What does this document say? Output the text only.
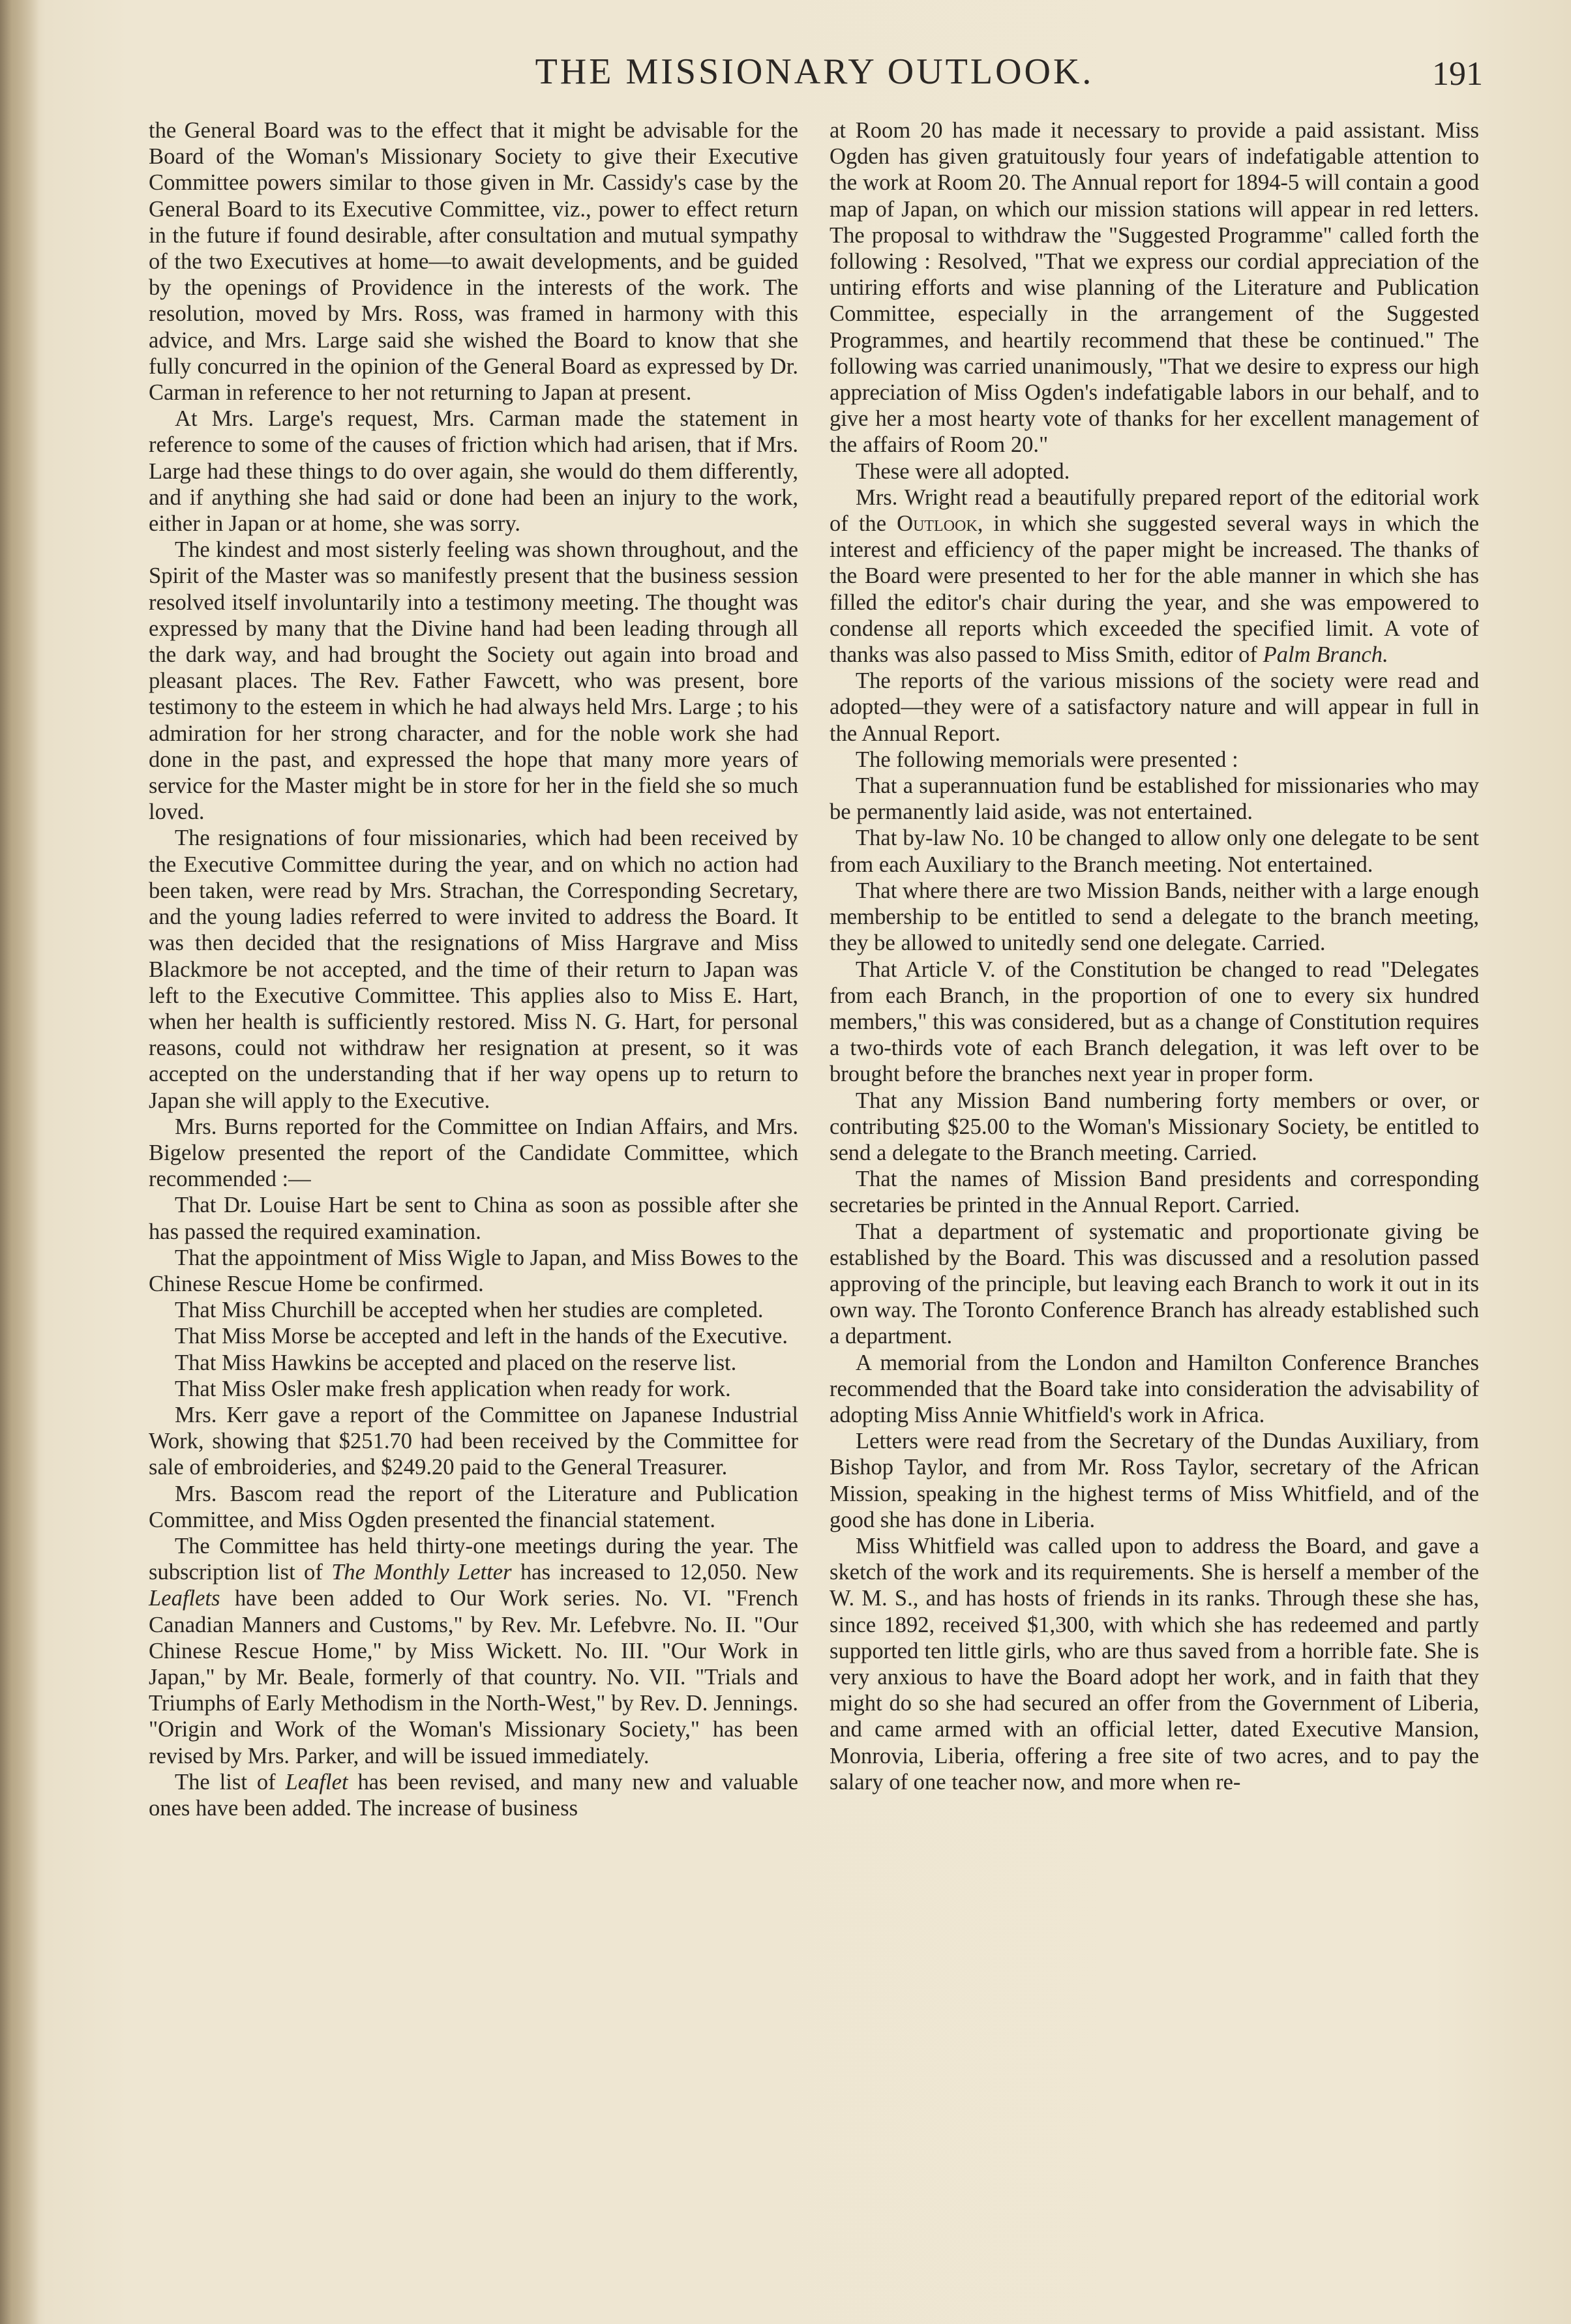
THE MISSIONARY OUTLOOK.	191

the General Board was to the effect that it might be advisable for the Board of the Woman's Missionary Society to give their Executive Committee powers similar to those given in Mr. Cassidy's case by the General Board to its Executive Committee, viz., power to effect return in the future if found desirable, after consultation and mutual sympathy of the two Executives at home—to await developments, and be guided by the openings of Providence in the interests of the work. The resolution, moved by Mrs. Ross, was framed in harmony with this advice, and Mrs. Large said she wished the Board to know that she fully concurred in the opinion of the General Board as expressed by Dr. Carman in reference to her not returning to Japan at present.

At Mrs. Large's request, Mrs. Carman made the statement in reference to some of the causes of friction which had arisen, that if Mrs. Large had these things to do over again, she would do them differently, and if anything she had said or done had been an injury to the work, either in Japan or at home, she was sorry.

The kindest and most sisterly feeling was shown throughout, and the Spirit of the Master was so manifestly present that the business session resolved itself involuntarily into a testimony meeting. The thought was expressed by many that the Divine hand had been leading through all the dark way, and had brought the Society out again into broad and pleasant places. The Rev. Father Fawcett, who was present, bore testimony to the esteem in which he had always held Mrs. Large ; to his admiration for her strong character, and for the noble work she had done in the past, and expressed the hope that many more years of service for the Master might be in store for her in the field she so much loved.

The resignations of four missionaries, which had been received by the Executive Committee during the year, and on which no action had been taken, were read by Mrs. Strachan, the Corresponding Secretary, and the young ladies referred to were invited to address the Board. It was then decided that the resignations of Miss Hargrave and Miss Blackmore be not accepted, and the time of their return to Japan was left to the Executive Committee. This applies also to Miss E. Hart, when her health is sufficiently restored. Miss N. G. Hart, for personal reasons, could not withdraw her resignation at present, so it was accepted on the understanding that if her way opens up to return to Japan she will apply to the Executive.

Mrs. Burns reported for the Committee on Indian Affairs, and Mrs. Bigelow presented the report of the Candidate Committee, which recommended :—

That Dr. Louise Hart be sent to China as soon as possible after she has passed the required examination.

That the appointment of Miss Wigle to Japan, and Miss Bowes to the Chinese Rescue Home be confirmed.

That Miss Churchill be accepted when her studies are completed.

That Miss Morse be accepted and left in the hands of the Executive.

That Miss Hawkins be accepted and placed on the reserve list.

That Miss Osler make fresh application when ready for work.

Mrs. Kerr gave a report of the Committee on Japanese Industrial Work, showing that $251.70 had been received by the Committee for sale of embroideries, and $249.20 paid to the General Treasurer.

Mrs. Bascom read the report of the Literature and Publication Committee, and Miss Ogden presented the financial statement.

The Committee has held thirty-one meetings during the year. The subscription list of The Monthly Letter has increased to 12,050. New Leaflets have been added to Our Work series. No. VI. "French Canadian Manners and Customs," by Rev. Mr. Lefebvre. No. II. "Our Chinese Rescue Home," by Miss Wickett. No. III. "Our Work in Japan," by Mr. Beale, formerly of that country. No. VII. "Trials and Triumphs of Early Methodism in the North-West," by Rev. D. Jennings. "Origin and Work of the Woman's Missionary Society," has been revised by Mrs. Parker, and will be issued immediately.

The list of Leaflet has been revised, and many new and valuable ones have been added. The increase of business

at Room 20 has made it necessary to provide a paid assistant. Miss Ogden has given gratuitously four years of indefatigable attention to the work at Room 20. The Annual report for 1894-5 will contain a good map of Japan, on which our mission stations will appear in red letters. The proposal to withdraw the "Suggested Programme" called forth the following : Resolved, "That we express our cordial appreciation of the untiring efforts and wise planning of the Literature and Publication Committee, especially in the arrangement of the Suggested Programmes, and heartily recommend that these be continued." The following was carried unanimously, "That we desire to express our high appreciation of Miss Ogden's indefatigable labors in our behalf, and to give her a most hearty vote of thanks for her excellent management of the affairs of Room 20."

These were all adopted.

Mrs. Wright read a beautifully prepared report of the editorial work of the Outlook, in which she suggested several ways in which the interest and efficiency of the paper might be increased. The thanks of the Board were presented to her for the able manner in which she has filled the editor's chair during the year, and she was empowered to condense all reports which exceeded the specified limit. A vote of thanks was also passed to Miss Smith, editor of Palm Branch.

The reports of the various missions of the society were read and adopted—they were of a satisfactory nature and will appear in full in the Annual Report.

The following memorials were presented :

That a superannuation fund be established for missionaries who may be permanently laid aside, was not entertained.

That by-law No. 10 be changed to allow only one delegate to be sent from each Auxiliary to the Branch meeting. Not entertained.

That where there are two Mission Bands, neither with a large enough membership to be entitled to send a delegate to the branch meeting, they be allowed to unitedly send one delegate. Carried.

That Article V. of the Constitution be changed to read "Delegates from each Branch, in the proportion of one to every six hundred members," this was considered, but as a change of Constitution requires a two-thirds vote of each Branch delegation, it was left over to be brought before the branches next year in proper form.

That any Mission Band numbering forty members or over, or contributing $25.00 to the Woman's Missionary Society, be entitled to send a delegate to the Branch meeting. Carried.

That the names of Mission Band presidents and corresponding secretaries be printed in the Annual Report. Carried.

That a department of systematic and proportionate giving be established by the Board. This was discussed and a resolution passed approving of the principle, but leaving each Branch to work it out in its own way. The Toronto Conference Branch has already established such a department.

A memorial from the London and Hamilton Conference Branches recommended that the Board take into consideration the advisability of adopting Miss Annie Whitfield's work in Africa.

Letters were read from the Secretary of the Dundas Auxiliary, from Bishop Taylor, and from Mr. Ross Taylor, secretary of the African Mission, speaking in the highest terms of Miss Whitfield, and of the good she has done in Liberia.

Miss Whitfield was called upon to address the Board, and gave a sketch of the work and its requirements. She is herself a member of the W. M. S., and has hosts of friends in its ranks. Through these she has, since 1892, received $1,300, with which she has redeemed and partly supported ten little girls, who are thus saved from a horrible fate. She is very anxious to have the Board adopt her work, and in faith that they might do so she had secured an offer from the Government of Liberia, and came armed with an official letter, dated Executive Mansion, Monrovia, Liberia, offering a free site of two acres, and to pay the salary of one teacher now, and more when re-
